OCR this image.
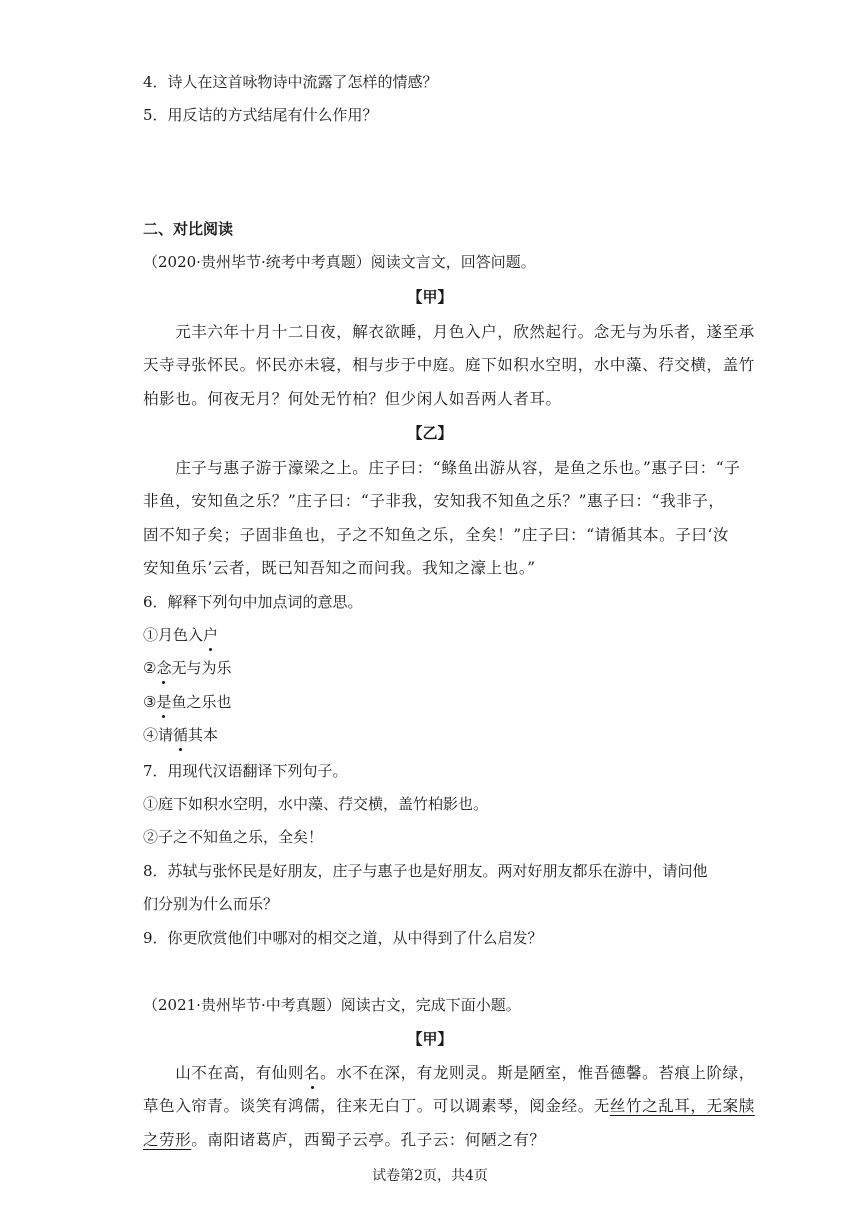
4．诗人在这首咏物诗中流露了怎样的情感？
5．用反诘的方式结尾有什么作用？
二、对比阅读
（2020·贵州毕节·统考中考真题）阅读文言文，回答问题。
【甲】
　　元丰六年十月十二日夜，解衣欲睡，月色入户，欣然起行。念无与为乐者，遂至承
天寺寻张怀民。怀民亦未寝，相与步于中庭。庭下如积水空明，水中藻、荇交横，盖竹
柏影也。何夜无月？何处无竹柏？但少闲人如吾两人者耳。
【乙】
　　庄子与惠子游于濠梁之上。庄子曰：“鲦鱼出游从容，是鱼之乐也。”惠子曰：“子
非鱼，安知鱼之乐？”庄子曰：“子非我，安知我不知鱼之乐？”惠子曰：“我非子，
固不知子矣；子固非鱼也，子之不知鱼之乐，全矣！”庄子曰：“请循其本。子曰‘汝
安知鱼乐’云者，既已知吾知之而问我。我知之濠上也。”
6．解释下列句中加点词的意思。
①月色入户
②念无与为乐
③是鱼之乐也
④请循其本
7．用现代汉语翻译下列句子。
①庭下如积水空明，水中藻、荇交横，盖竹柏影也。
②子之不知鱼之乐，全矣！
8．苏轼与张怀民是好朋友，庄子与惠子也是好朋友。两对好朋友都乐在游中，请问他
们分别为什么而乐？
9．你更欣赏他们中哪对的相交之道，从中得到了什么启发？
（2021·贵州毕节·中考真题）阅读古文，完成下面小题。
【甲】
　　山不在高，有仙则名。水不在深，有龙则灵。斯是陋室，惟吾德馨。苔痕上阶绿，
草色入帘青。谈笑有鸿儒，往来无白丁。可以调素琴，阅金经。无丝竹之乱耳，无案牍
之劳形。南阳诸葛庐，西蜀子云亭。孔子云：何陋之有？
试卷第2页，共4页
